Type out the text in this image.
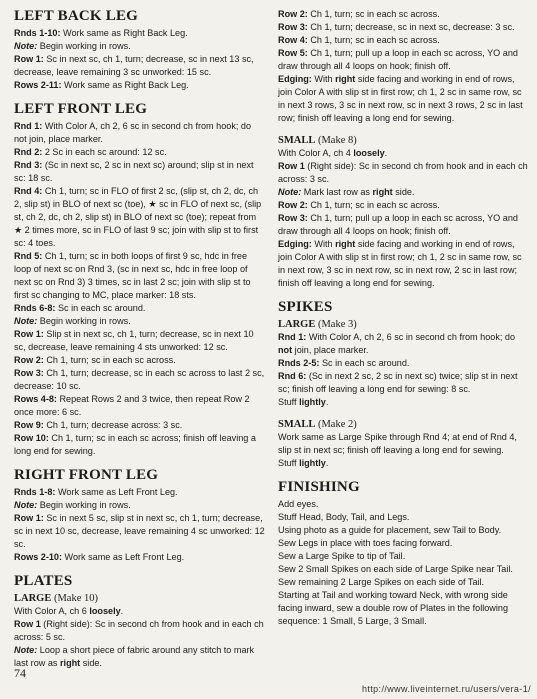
LEFT BACK LEG

Rnds 1-10: Work same as Right Back Leg.

Note: Begin working in rows.

Row 1: Sc in next sc, ch 1, turn; decrease, sc in next 13 sc, decrease, leave remaining 3 sc unworked: 15 sc.

Rows 2-11: Work same as Right Back Leg.

LEFT FRONT LEG

Rnd 1: With Color A, ch 2, 6 sc in second ch from hook; do not join, place marker.

Rnd 2: 2 Sc in each sc around: 12 sc.

Rnd 3: (Sc in next sc, 2 sc in next sc) around; slip st in next sc: 18 sc.

Rnd 4: Ch 1, turn; sc in FLO of first 2 sc, (slip st, ch 2, dc, ch 2, slip st) in BLO of next sc (toe), ★ sc in FLO of next sc, (slip st, ch 2, dc, ch 2, slip st) in BLO of next sc (toe); repeat from ★ 2 times more, sc in FLO of last 9 sc; join with slip st to first sc: 4 toes.

Rnd 5: Ch 1, turn; sc in both loops of first 9 sc, hdc in free loop of next sc on Rnd 3, (sc in next sc, hdc in free loop of next sc on Rnd 3) 3 times, sc in last 2 sc; join with slip st to first sc changing to MC, place marker: 18 sts.

Rnds 6-8: Sc in each sc around.

Note: Begin working in rows.

Row 1: Slip st in next sc, ch 1, turn; decrease, sc in next 10 sc, decrease, leave remaining 4 sts unworked: 12 sc.

Row 2: Ch 1, turn; sc in each sc across.

Row 3: Ch 1, turn; decrease, sc in each sc across to last 2 sc, decrease: 10 sc.

Rows 4-8: Repeat Rows 2 and 3 twice, then repeat Row 2 once more: 6 sc.

Row 9: Ch 1, turn; decrease across: 3 sc.

Row 10: Ch 1, turn; sc in each sc across; finish off leaving a long end for sewing.

RIGHT FRONT LEG

Rnds 1-8: Work same as Left Front Leg.

Note: Begin working in rows.

Row 1: Sc in next 5 sc, slip st in next sc, ch 1, turn; decrease, sc in next 10 sc, decrease, leave remaining 4 sc unworked: 12 sc.

Rows 2-10: Work same as Left Front Leg.

PLATES
LARGE (Make 10)

With Color A, ch 6 loosely.

Row 1 (Right side): Sc in second ch from hook and in each ch across: 5 sc.

Note: Loop a short piece of fabric around any stitch to mark last row as right side.

Row 2: Ch 1, turn; sc in each sc across.

Row 3: Ch 1, turn; decrease, sc in next sc, decrease: 3 sc.

Row 4: Ch 1, turn; sc in each sc across.

Row 5: Ch 1, turn; pull up a loop in each sc across, YO and draw through all 4 loops on hook; finish off.

Edging: With right side facing and working in end of rows, join Color A with slip st in first row; ch 1, 2 sc in same row, sc in next 3 rows, 3 sc in next row, sc in next 3 rows, 2 sc in last row; finish off leaving a long end for sewing.

SMALL (Make 8)

With Color A, ch 4 loosely.

Row 1 (Right side): Sc in second ch from hook and in each ch across: 3 sc.

Note: Mark last row as right side.

Row 2: Ch 1, turn; sc in each sc across.

Row 3: Ch 1, turn; pull up a loop in each sc across, YO and draw through all 4 loops on hook; finish off.

Edging: With right side facing and working in end of rows, join Color A with slip st in first row; ch 1, 2 sc in same row, sc in next row, 3 sc in next row, sc in next row, 2 sc in last row; finish off leaving a long end for sewing.

SPIKES
LARGE (Make 3)

Rnd 1: With Color A, ch 2, 6 sc in second ch from hook; do not join, place marker.

Rnds 2-5: Sc in each sc around.

Rnd 6: (Sc in next 2 sc, 2 sc in next sc) twice; slip st in next sc; finish off leaving a long end for sewing: 8 sc.

Stuff lightly.

SMALL (Make 2)

Work same as Large Spike through Rnd 4; at end of Rnd 4, slip st in next sc; finish off leaving a long end for sewing.

Stuff lightly.

FINISHING

Add eyes.

Stuff Head, Body, Tail, and Legs.

Using photo as a guide for placement, sew Tail to Body.

Sew Legs in place with toes facing forward.

Sew a Large Spike to tip of Tail.

Sew 2 Small Spikes on each side of Large Spike near Tail.

Sew remaining 2 Large Spikes on each side of Tail.

Starting at Tail and working toward Neck, with wrong side facing inward, sew a double row of Plates in the following sequence: 1 Small, 5 Large, 3 Small.

74
http://www.liveinternet.ru/users/vera-1/
